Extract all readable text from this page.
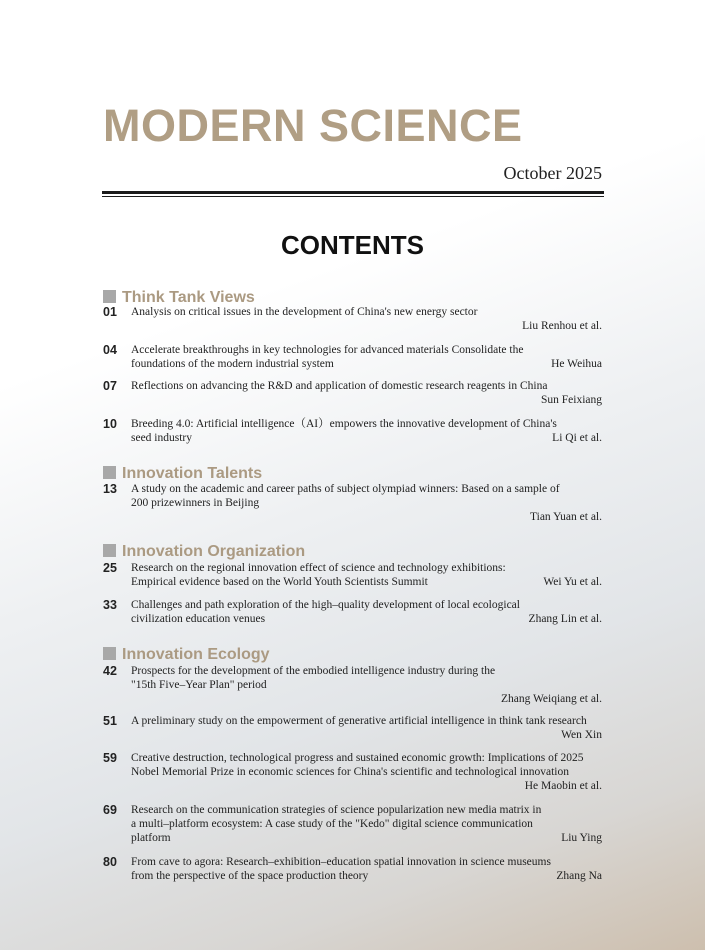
MODERN SCIENCE
October 2025
CONTENTS
Think Tank Views
01 Analysis on critical issues in the development of China's new energy sector
Liu Renhou et al.
04 Accelerate breakthroughs in key technologies for advanced materials Consolidate the
foundations of the modern industrial system	He Weihua
07 Reflections on advancing the R&D and application of domestic research reagents in China
Sun Feixiang
10 Breeding 4.0: Artificial intelligence（AI）empowers the innovative development of China's
seed industry	Li Qi et al.
Innovation Talents
13 A study on the academic and career paths of subject olympiad winners: Based on a sample of
200 prizewinners in Beijing
Tian Yuan et al.
Innovation Organization
25 Research on the regional innovation effect of science and technology exhibitions:
Empirical evidence based on the World Youth Scientists Summit	Wei Yu et al.
33 Challenges and path exploration of the high–quality development of local ecological
civilization education venues	Zhang Lin et al.
Innovation Ecology
42 Prospects for the development of the embodied intelligence industry during the
"15th Five–Year Plan" period
Zhang Weiqiang et al.
51 A preliminary study on the empowerment of generative artificial intelligence in think tank research
Wen Xin
59 Creative destruction, technological progress and sustained economic growth: Implications of 2025
Nobel Memorial Prize in economic sciences for China's scientific and technological innovation
He Maobin et al.
69 Research on the communication strategies of science popularization new media matrix in
a multi–platform ecosystem: A case study of the "Kedo" digital science communication
platform	Liu Ying
80 From cave to agora: Research–exhibition–education spatial innovation in science museums
from the perspective of the space production theory	Zhang Na
